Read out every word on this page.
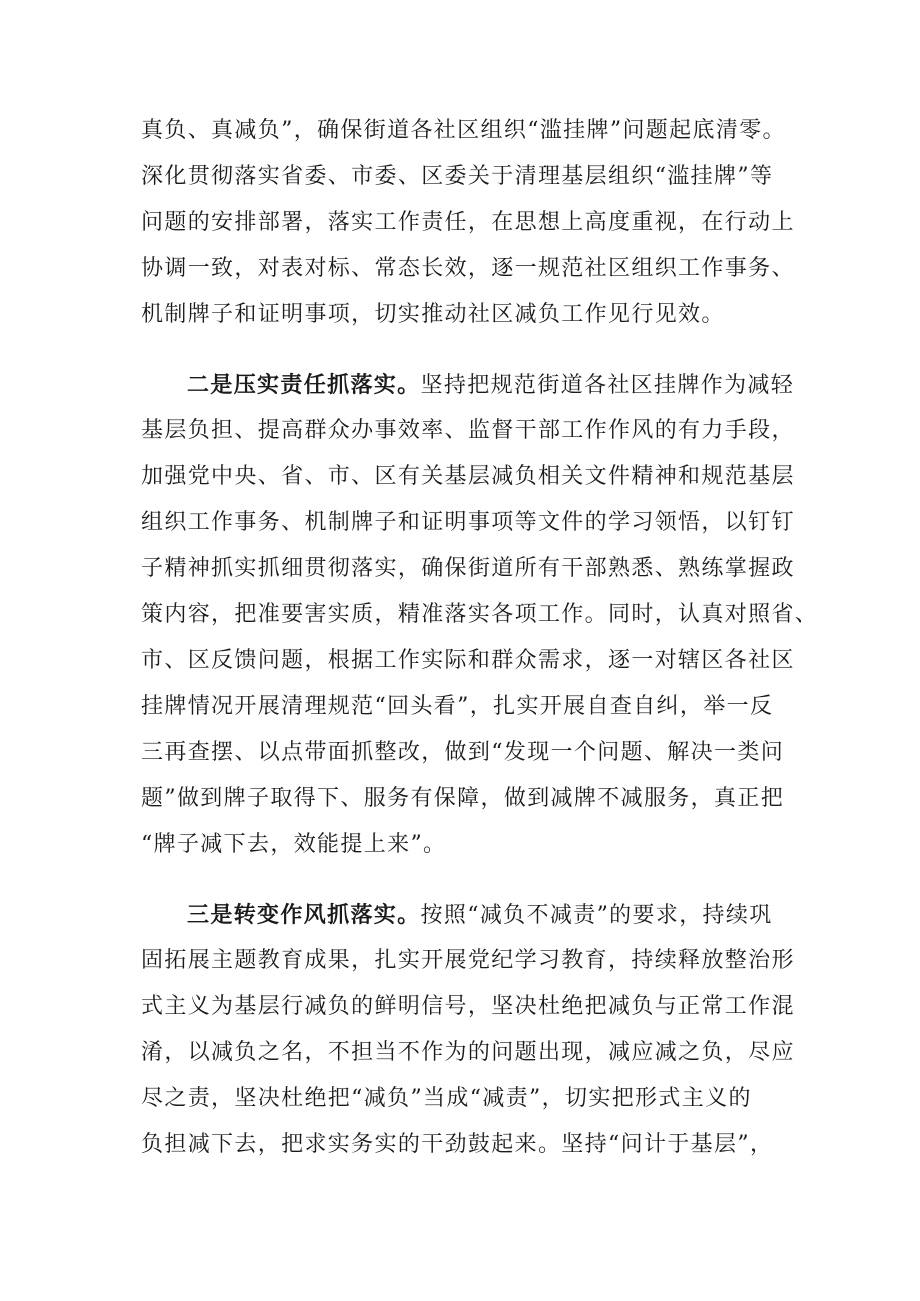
真负、真减负”，确保街道各社区组织“滥挂牌”问题起底清零。
深化贯彻落实省委、市委、区委关于清理基层组织“滥挂牌”等
问题的安排部署，落实工作责任，在思想上高度重视，在行动上
协调一致，对表对标、常态长效，逐一规范社区组织工作事务、
机制牌子和证明事项，切实推动社区减负工作见行见效。
二是压实责任抓落实。坚持把规范街道各社区挂牌作为减轻
基层负担、提高群众办事效率、监督干部工作作风的有力手段，
加强党中央、省、市、区有关基层减负相关文件精神和规范基层
组织工作事务、机制牌子和证明事项等文件的学习领悟，以钉钉
子精神抓实抓细贯彻落实，确保街道所有干部熟悉、熟练掌握政
策内容，把准要害实质，精准落实各项工作。同时，认真对照省、
市、区反馈问题，根据工作实际和群众需求，逐一对辖区各社区
挂牌情况开展清理规范“回头看”，扎实开展自查自纠，举一反
三再查摆、以点带面抓整改，做到“发现一个问题、解决一类问
题”做到牌子取得下、服务有保障，做到减牌不减服务，真正把
“牌子减下去，效能提上来”。
三是转变作风抓落实。按照“减负不减责”的要求，持续巩
固拓展主题教育成果，扎实开展党纪学习教育，持续释放整治形
式主义为基层行减负的鲜明信号，坚决杜绝把减负与正常工作混
淆，以减负之名，不担当不作为的问题出现，减应减之负，尽应
尽之责，坚决杜绝把“减负”当成“减责”，切实把形式主义的
负担减下去，把求实务实的干劲鼓起来。坚持“问计于基层”，
